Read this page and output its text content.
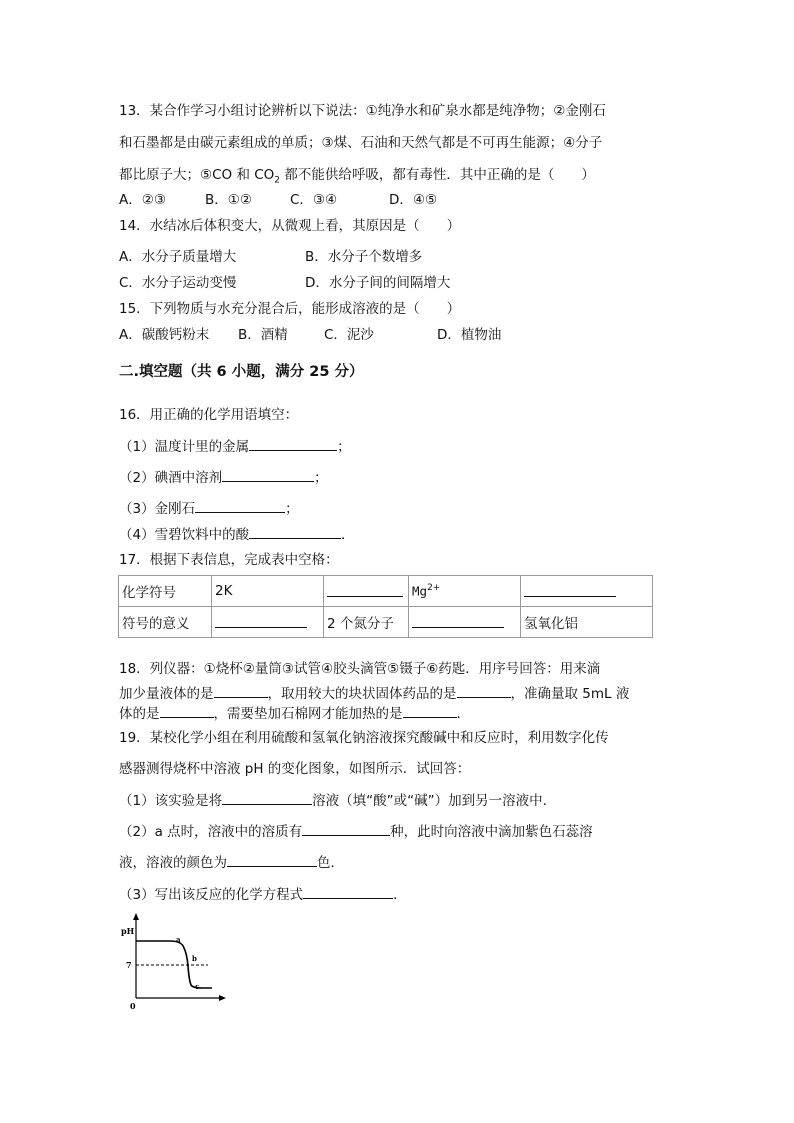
13．某合作学习小组讨论辨析以下说法：①纯净水和矿泉水都是纯净物；②金刚石
和石墨都是由碳元素组成的单质；③煤、石油和天然气都是不可再生能源；④分子
都比原子大；⑤CO 和 $CO_2$ 都不能供给呼吸，都有毒性．其中正确的是（　　）
A．②③	B．①②	C．③④	D．④⑤
14．水结冰后体积变大，从微观上看，其原因是（　　）
A．水分子质量增大	B．水分子个数增多
C．水分子运动变慢	D．水分子间的间隔增大
15．下列物质与水充分混合后，能形成溶液的是（　　）
A．碳酸钙粉末 B．酒精	C．泥沙	D．植物油
二.填空题（共 6 小题，满分 25 分）
16．用正确的化学用语填空：
（1）温度计里的金属	；
（2）碘酒中溶剂	；
（3）金刚石	；
（4）雪碧饮料中的酸	．
17．根据下表信息，完成表中空格：
化学符号	2K		$Mg^{2+}$	
符号的意义		2 个氮分子		氢氧化铝
18．列仪器：①烧杯②量筒③试管④胶头滴管⑤镊子⑥药匙．用序号回答：用来滴
加少量液体的是	，取用较大的块状固体药品的是	，准确量取 5mL 液
体的是	，需要垫加石棉网才能加热的是	．
19．某校化学小组在利用硫酸和氢氧化钠溶液探究酸碱中和反应时，利用数字化传
感器测得烧杯中溶液 pH 的变化图象，如图所示．试回答：
（1）该实验是将	溶液（填“酸”或“碱”）加到另一溶液中．
（2）a 点时，溶液中的溶质有	种，此时向溶液中滴加紫色石蕊溶
液，溶液的颜色为	色．
（3）写出该反应的化学方程式	．
pH
7
0
a
b
c
